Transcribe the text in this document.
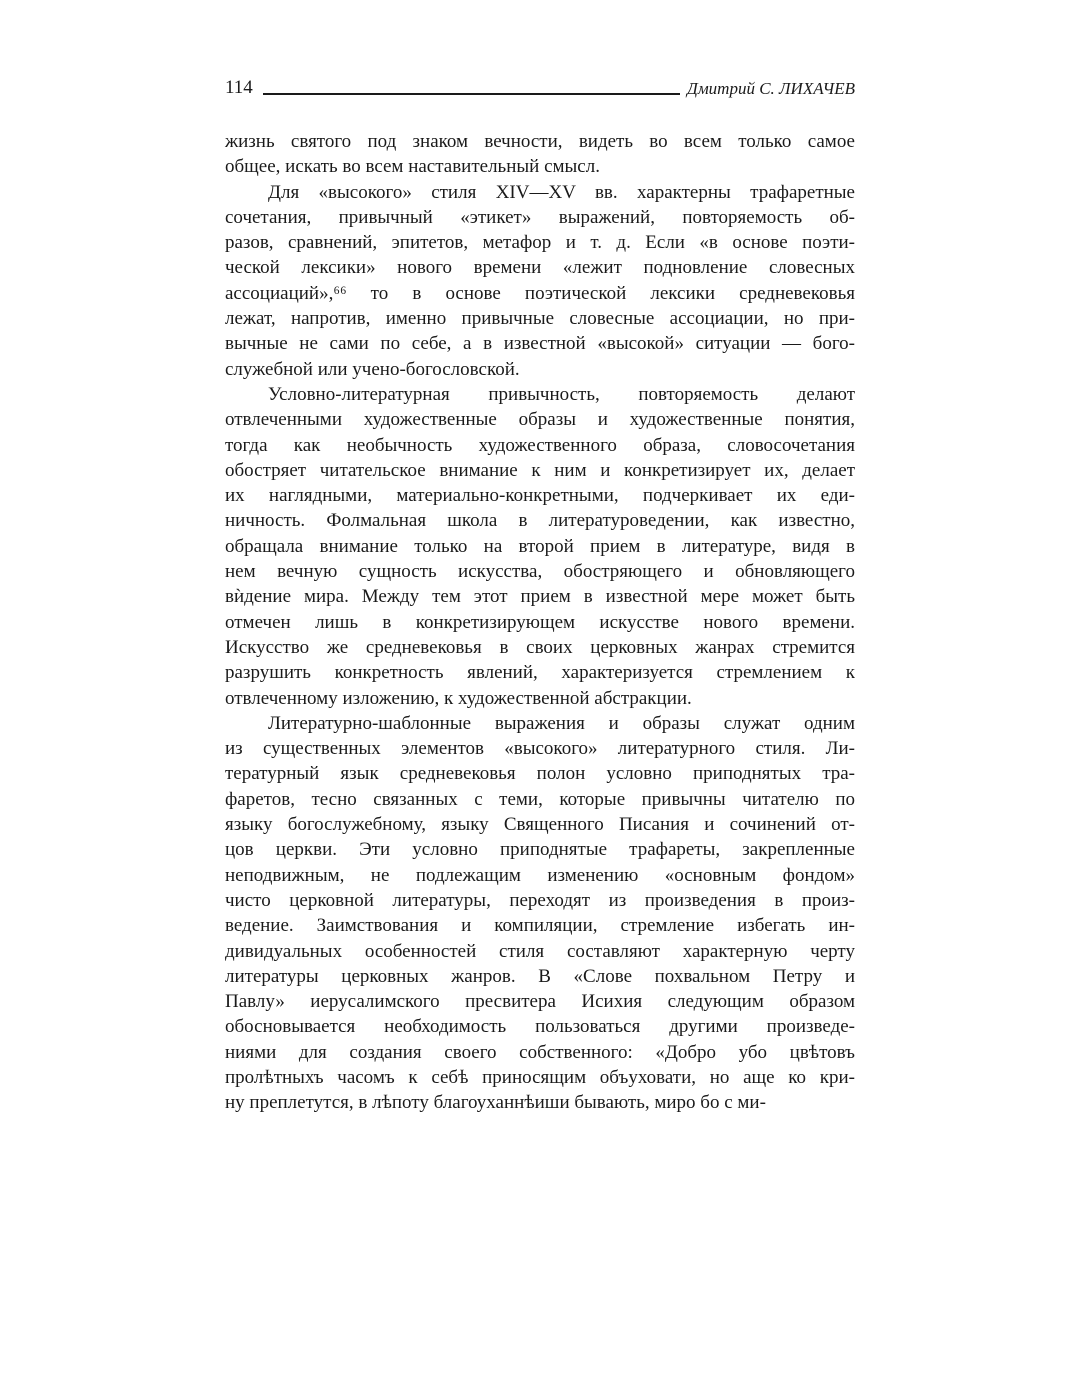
114	Дмитрий С. ЛИХАЧЕВ
жизнь святого под знаком вечности, видеть во всем только самое
общее, искать во всем наставительный смысл.
Для «высокого» стиля XIV—XV вв. характерны трафаретные
сочетания, привычный «этикет» выражений, повторяемость об-
разов, сравнений, эпитетов, метафор и т. д. Если «в основе поэти-
ческой лексики» нового времени «лежит подновление словесных
ассоциаций»,⁶⁶ то в основе поэтической лексики средневековья
лежат, напротив, именно привычные словесные ассоциации, но при-
вычные не сами по себе, а в известной «высокой» ситуации — бого-
служебной или учено-богословской.
Условно-литературная привычность, повторяемость делают
отвлеченными художественные образы и художественные понятия,
тогда как необычность художественного образа, словосочетания
обостряет читательское внимание к ним и конкретизирует их, делает
их наглядными, материально-конкретными, подчеркивает их еди-
ничность. Фолмальная школа в литературоведении, как известно,
обращала внимание только на второй прием в литературе, видя в
нем вечную сущность искусства, обостряющего и обновляющего
вѝдение мира. Между тем этот прием в известной мере может быть
отмечен лишь в конкретизирующем искусстве нового времени.
Искусство же средневековья в своих церковных жанрах стремится
разрушить конкретность явлений, характеризуется стремлением к
отвлеченному изложению, к художественной абстракции.
Литературно-шаблонные выражения и образы служат одним
из существенных элементов «высокого» литературного стиля. Ли-
тературный язык средневековья полон условно приподнятых тра-
фаретов, тесно связанных с теми, которые привычны читателю по
языку богослужебному, языку Священного Писания и сочинений от-
цов церкви. Эти условно приподнятые трафареты, закрепленные
неподвижным, не подлежащим изменению «основным фондом»
чисто церковной литературы, переходят из произведения в произ-
ведение. Заимствования и компиляции, стремление избегать ин-
дивидуальных особенностей стиля составляют характерную черту
литературы церковных жанров. В «Слове похвальном Петру и
Павлу» иерусалимского пресвитера Исихия следующим образом
обосновывается необходимость пользоваться другими произведе-
ниями для создания своего собственного: «Добро убо цвѣтовъ
пролѣтныхъ часомъ к себѣ приносящим объуховати, но аще ко кри-
ну преплетутся, в лѣпоту благоуханнѣиши бывають, миро бо с ми-
